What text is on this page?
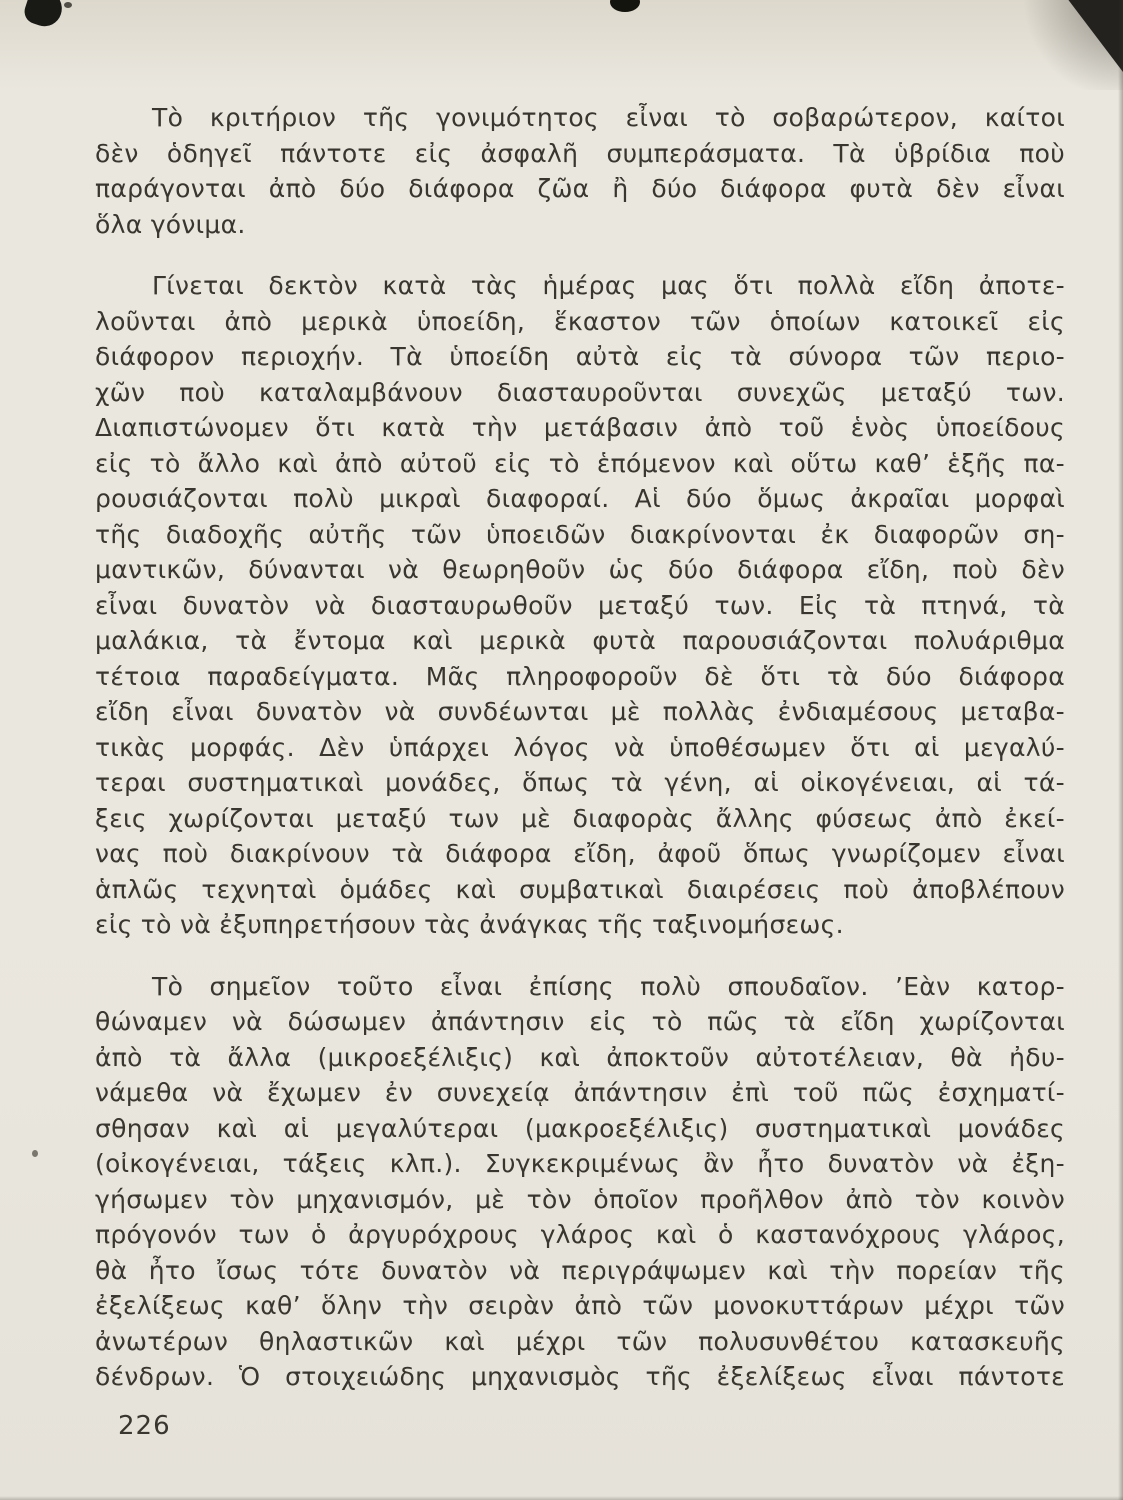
Τὸ κριτήριον τῆς γονιμότητος εἶναι τὸ σοβαρώτερον, καίτοι
δὲν ὁδηγεῖ πάντοτε εἰς ἀσφαλῆ συμπεράσματα. Τὰ ὑβρίδια ποὺ
παράγονται ἀπὸ δύο διάφορα ζῶα ἢ δύο διάφορα φυτὰ δὲν εἶναι
ὅλα γόνιμα.
Γίνεται δεκτὸν κατὰ τὰς ἡμέρας μας ὅτι πολλὰ εἴδη ἀποτε-
λοῦνται ἀπὸ μερικὰ ὑποείδη, ἕκαστον τῶν ὁποίων κατοικεῖ εἰς
διάφορον περιοχήν. Τὰ ὑποείδη αὐτὰ εἰς τὰ σύνορα τῶν περιο-
χῶν ποὺ καταλαμβάνουν διασταυροῦνται συνεχῶς μεταξύ των.
Διαπιστώνομεν ὅτι κατὰ τὴν μετάβασιν ἀπὸ τοῦ ἑνὸς ὑποείδους
εἰς τὸ ἄλλο καὶ ἀπὸ αὐτοῦ εἰς τὸ ἑπόμενον καὶ οὕτω καθ’ ἑξῆς πα-
ρουσιάζονται πολὺ μικραὶ διαφοραί. Αἱ δύο ὅμως ἀκραῖαι μορφαὶ
τῆς διαδοχῆς αὐτῆς τῶν ὑποειδῶν διακρίνονται ἐκ διαφορῶν ση-
μαντικῶν, δύνανται νὰ θεωρηθοῦν ὡς δύο διάφορα εἴδη, ποὺ δὲν
εἶναι δυνατὸν νὰ διασταυρωθοῦν μεταξύ των. Εἰς τὰ πτηνά, τὰ
μαλάκια, τὰ ἔντομα καὶ μερικὰ φυτὰ παρουσιάζονται πολυάριθμα
τέτοια παραδείγματα. Μᾶς πληροφοροῦν δὲ ὅτι τὰ δύο διάφορα
εἴδη εἶναι δυνατὸν νὰ συνδέωνται μὲ πολλὰς ἐνδιαμέσους μεταβα-
τικὰς μορφάς. Δὲν ὑπάρχει λόγος νὰ ὑποθέσωμεν ὅτι αἱ μεγαλύ-
τεραι συστηματικαὶ μονάδες, ὅπως τὰ γένη, αἱ οἰκογένειαι, αἱ τά-
ξεις χωρίζονται μεταξύ των μὲ διαφορὰς ἄλλης φύσεως ἀπὸ ἐκεί-
νας ποὺ διακρίνουν τὰ διάφορα εἴδη, ἀφοῦ ὅπως γνωρίζομεν εἶναι
ἁπλῶς τεχνηταὶ ὁμάδες καὶ συμβατικαὶ διαιρέσεις ποὺ ἀποβλέπουν
εἰς τὸ νὰ ἐξυπηρετήσουν τὰς ἀνάγκας τῆς ταξινομήσεως.
Τὸ σημεῖον τοῦτο εἶναι ἐπίσης πολὺ σπουδαῖον. ’Εὰν κατορ-
θώναμεν νὰ δώσωμεν ἀπάντησιν εἰς τὸ πῶς τὰ εἴδη χωρίζονται
ἀπὸ τὰ ἄλλα (μικροεξέλιξις) καὶ ἀποκτοῦν αὐτοτέλειαν, θὰ ἠδυ-
νάμεθα νὰ ἔχωμεν ἐν συνεχείᾳ ἀπάντησιν ἐπὶ τοῦ πῶς ἐσχηματί-
σθησαν καὶ αἱ μεγαλύτεραι (μακροεξέλιξις) συστηματικαὶ μονάδες
(οἰκογένειαι, τάξεις κλπ.). Συγκεκριμένως ἂν ἦτο δυνατὸν νὰ ἐξη-
γήσωμεν τὸν μηχανισμόν, μὲ τὸν ὁποῖον προῆλθον ἀπὸ τὸν κοινὸν
πρόγονόν των ὁ ἀργυρόχρους γλάρος καὶ ὁ καστανόχρους γλάρος,
θὰ ἦτο ἴσως τότε δυνατὸν νὰ περιγράψωμεν καὶ τὴν πορείαν τῆς
ἐξελίξεως καθ’ ὅλην τὴν σειρὰν ἀπὸ τῶν μονοκυττάρων μέχρι τῶν
ἀνωτέρων θηλαστικῶν καὶ μέχρι τῶν πολυσυνθέτου κατασκευῆς
δένδρων. Ὁ στοιχειώδης μηχανισμὸς τῆς ἐξελίξεως εἶναι πάντοτε
226
